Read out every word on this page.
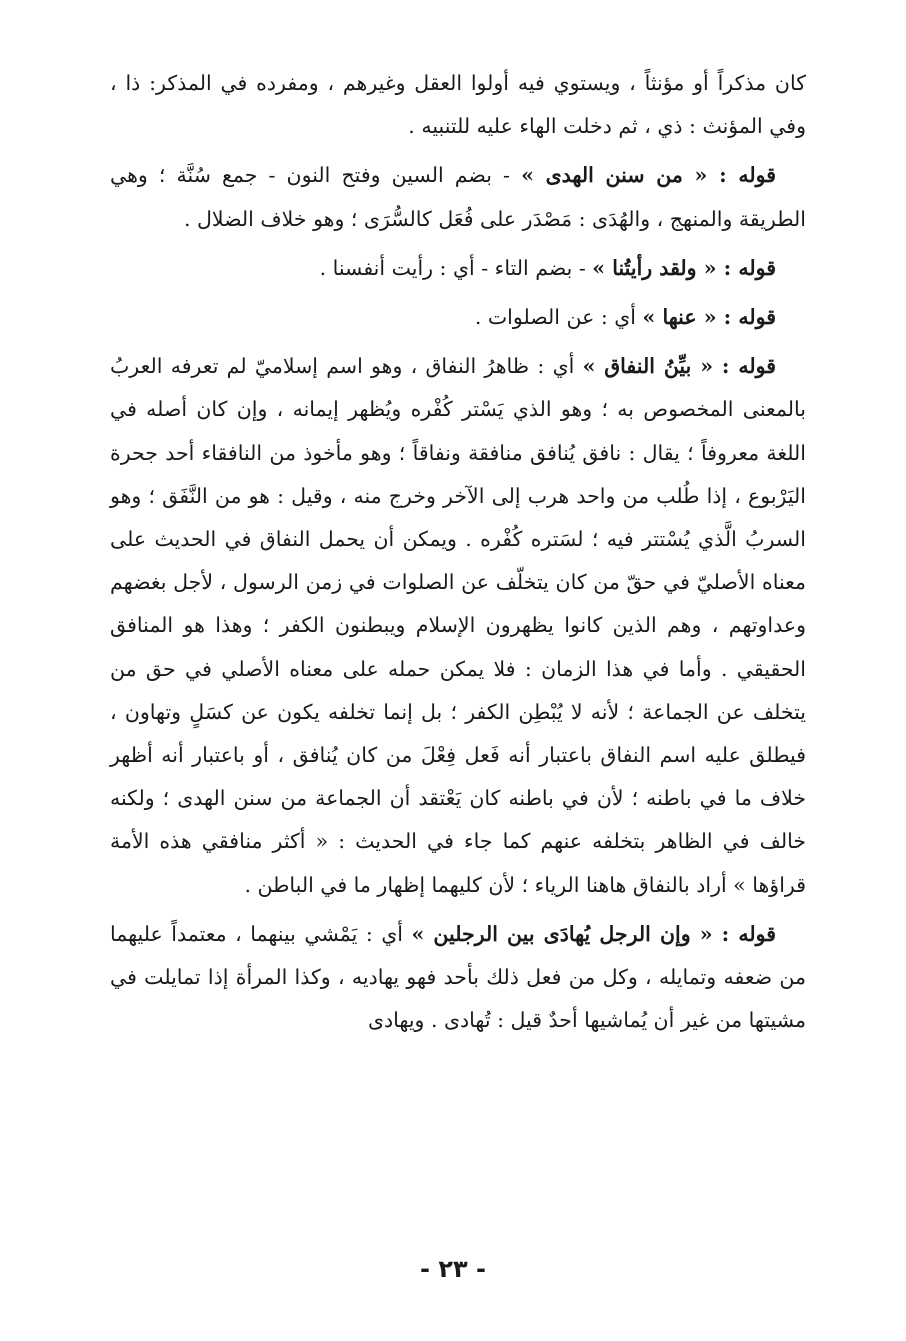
كان مذكراً أو مؤنثاً ، ويستوي فيه أولوا العقل وغيرهم ، ومفرده في المذكر: ذا ، وفي المؤنث : ذي ، ثم دخلت الهاء عليه للتنبيه .

قوله : « من سنن الهدى » - بضم السين وفتح النون - جمع سُنَّة ؛ وهي الطريقة والمنهج ، والهُدَى : مَصْدَر على فُعَل كالسُّرَى ؛ وهو خلاف الضلال .

قوله : « ولقد رأيتُنا » - بضم التاء - أي : رأيت أنفسنا .

قوله : « عنها » أي : عن الصلوات .

قوله : « بيِّنُ النفاق » أي : ظاهرُ النفاق ، وهو اسم إسلاميّ لم تعرفه العربُ بالمعنى المخصوص به ؛ وهو الذي يَسْتر كُفْره ويُظهر إيمانه ، وإن كان أصله في اللغة معروفاً ؛ يقال : نافق يُنافق منافقة ونفاقاً ؛ وهو مأخوذ من النافقاء أحد جحرة اليَرْبوع ، إذا طُلب من واحد هرب إلى الآخر وخرج منه ، وقيل : هو من النَّفَق ؛ وهو السربُ الَّذي يُسْتتر فيه ؛ لسَتره كُفْره . ويمكن أن يحمل النفاق في الحديث على معناه الأصليّ في حقّ من كان يتخلّف عن الصلوات في زمن الرسول ، لأجل بغضهم وعداوتهم ، وهم الذين كانوا يظهرون الإسلام ويبطنون الكفر ؛ وهذا هو المنافق الحقيقي . وأما في هذا الزمان : فلا يمكن حمله على معناه الأصلي في حق من يتخلف عن الجماعة ؛ لأنه لا يُبْطِن الكفر ؛ بل إنما تخلفه يكون عن كسَلٍ وتهاون ، فيطلق عليه اسم النفاق باعتبار أنه فَعل فِعْلَ من كان يُنافق ، أو باعتبار أنه أظهر خلاف ما في باطنه ؛ لأن في باطنه كان يَعْتقد أن الجماعة من سنن الهدى ؛ ولكنه خالف في الظاهر بتخلفه عنهم كما جاء في الحديث : « أكثر منافقي هذه الأمة قراؤها » أراد بالنفاق هاهنا الرياء ؛ لأن كليهما إظهار ما في الباطن .

قوله : « وإن الرجل يُهادَى بين الرجلين » أي : يَمْشي بينهما ، معتمداً عليهما من ضعفه وتمايله ، وكل من فعل ذلك بأحد فهو يهاديه ، وكذا المرأة إذا تمايلت في مشيتها من غير أن يُماشيها أحدٌ قيل : تُهادى . ويهادى

- ٢٣ -
